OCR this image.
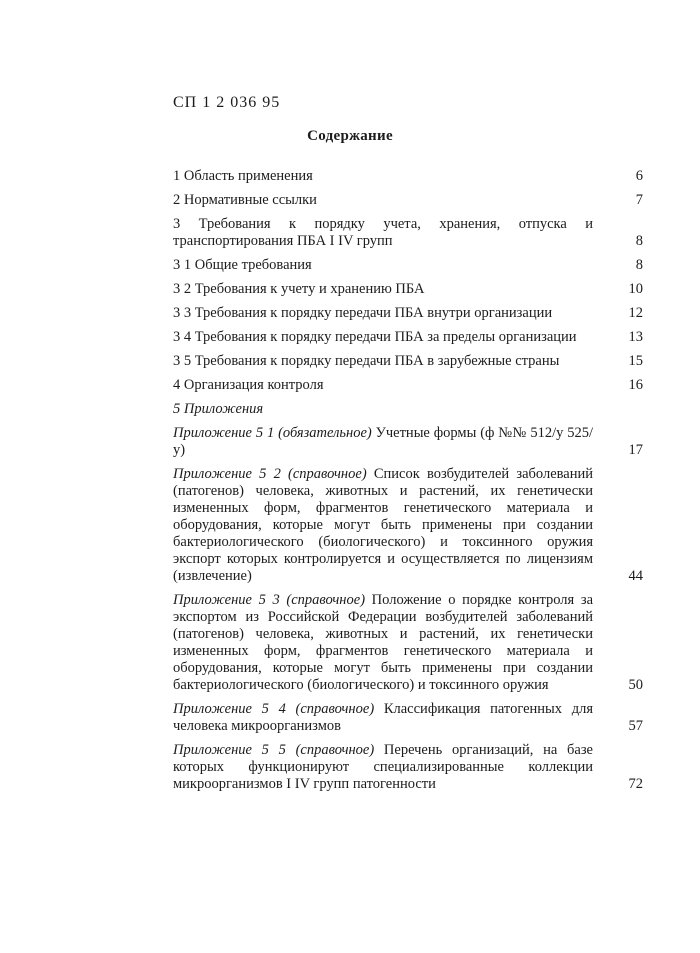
СП 1 2 036 95
Содержание
1 Область применения	6
2 Нормативные ссылки	7
3 Требования к порядку учета, хранения, отпуска и транспортирования ПБА I IV групп	8
3 1 Общие требования	8
3 2 Требования к учету и хранению ПБА	10
3 3 Требования к порядку передачи ПБА внутри организации	12
3 4 Требования к порядку передачи ПБА за пределы организации	13
3 5 Требования к порядку передачи ПБА в зарубежные страны	15
4 Организация контроля	16
5 Приложения
Приложение 5 1 (обязательное) Учетные формы (ф №№ 512/у 525/у)	17
Приложение 5 2 (справочное) Список возбудителей заболеваний (патогенов) человека, животных и растений, их генетически измененных форм, фрагментов генетического материала и оборудования, которые могут быть применены при создании бактериологического (биологического) и токсинного оружия экспорт которых контролируется и осуществляется по лицензиям (извлечение)	44
Приложение 5 3 (справочное) Положение о порядке контроля за экспортом из Российской Федерации возбудителей заболеваний (патогенов) человека, животных и растений, их генетически измененных форм, фрагментов генетического материала и оборудования, которые могут быть применены при создании бактериологического (биологического) и токсинного оружия	50
Приложение 5 4 (справочное) Классификация патогенных для человека микроорганизмов	57
Приложение 5 5 (справочное) Перечень организаций, на базе которых функционируют специализированные коллекции микроорганизмов I IV групп патогенности	72
